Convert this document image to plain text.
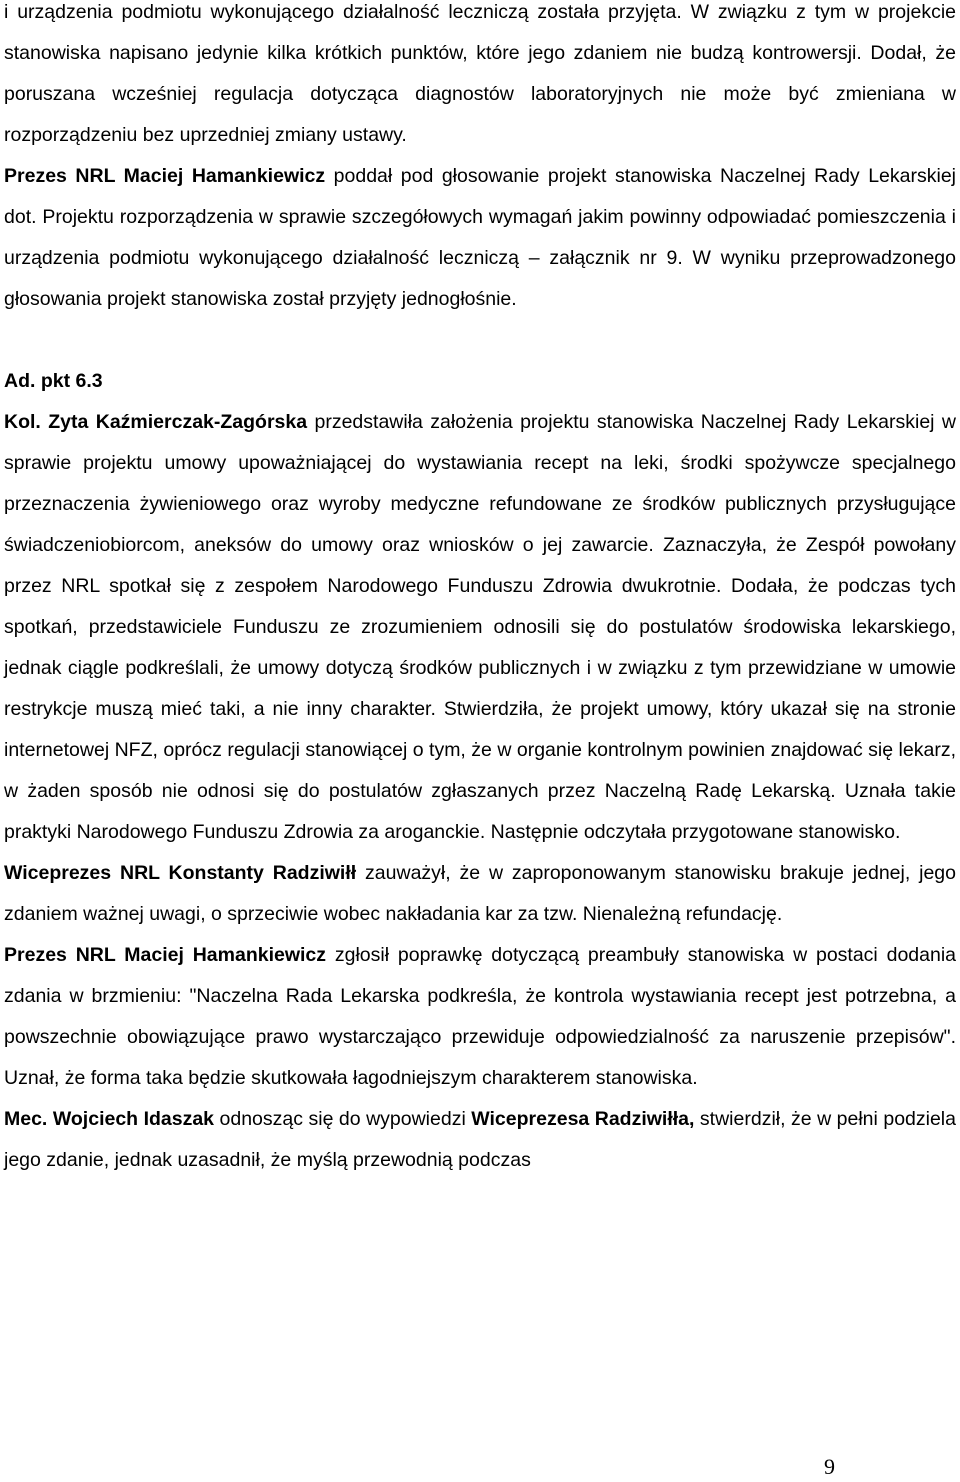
i urządzenia podmiotu wykonującego działalność leczniczą została przyjęta. W związku z tym w projekcie stanowiska napisano jedynie kilka krótkich punktów, które jego zdaniem nie budzą kontrowersji. Dodał, że poruszana wcześniej regulacja dotycząca diagnostów laboratoryjnych nie może być zmieniana w rozporządzeniu bez uprzedniej zmiany ustawy.

Prezes NRL Maciej Hamankiewicz poddał pod głosowanie projekt stanowiska Naczelnej Rady Lekarskiej dot. Projektu rozporządzenia w sprawie szczegółowych wymagań jakim powinny odpowiadać pomieszczenia i urządzenia podmiotu wykonującego działalność leczniczą – załącznik nr 9. W wyniku przeprowadzonego głosowania projekt stanowiska został przyjęty jednogłośnie.

Ad. pkt 6.3

Kol. Zyta Kaźmierczak-Zagórska przedstawiła założenia projektu stanowiska Naczelnej Rady Lekarskiej w sprawie projektu umowy upoważniającej do wystawiania recept na leki, środki spożywcze specjalnego przeznaczenia żywieniowego oraz wyroby medyczne refundowane ze środków publicznych przysługujące świadczeniobiorcom, aneksów do umowy oraz wniosków o jej zawarcie. Zaznaczyła, że Zespół powołany przez NRL spotkał się z zespołem Narodowego Funduszu Zdrowia dwukrotnie. Dodała, że podczas tych spotkań, przedstawiciele Funduszu ze zrozumieniem odnosili się do postulatów środowiska lekarskiego, jednak ciągle podkreślali, że umowy dotyczą środków publicznych i w związku z tym przewidziane w umowie restrykcje muszą mieć taki, a nie inny charakter. Stwierdziła, że projekt umowy, który ukazał się na stronie internetowej NFZ, oprócz regulacji stanowiącej o tym, że w organie kontrolnym powinien znajdować się lekarz, w żaden sposób nie odnosi się do postulatów zgłaszanych przez Naczelną Radę Lekarską. Uznała takie praktyki Narodowego Funduszu Zdrowia za aroganckie. Następnie odczytała przygotowane stanowisko.

Wiceprezes NRL Konstanty Radziwiłł zauważył, że w zaproponowanym stanowisku brakuje jednej, jego zdaniem ważnej uwagi, o sprzeciwie wobec nakładania kar za tzw. Nienależną refundację.

Prezes NRL Maciej Hamankiewicz zgłosił poprawkę dotyczącą preambuły stanowiska w postaci dodania zdania w brzmieniu: "Naczelna Rada Lekarska podkreśla, że kontrola wystawiania recept jest potrzebna, a powszechnie obowiązujące prawo wystarczająco przewiduje odpowiedzialność za naruszenie przepisów". Uznał, że forma taka będzie skutkowała łagodniejszym charakterem stanowiska.

Mec. Wojciech Idaszak odnosząc się do wypowiedzi Wiceprezesa Radziwiłła, stwierdził, że w pełni podziela jego zdanie, jednak uzasadnił, że myślą przewodnią podczas

9
